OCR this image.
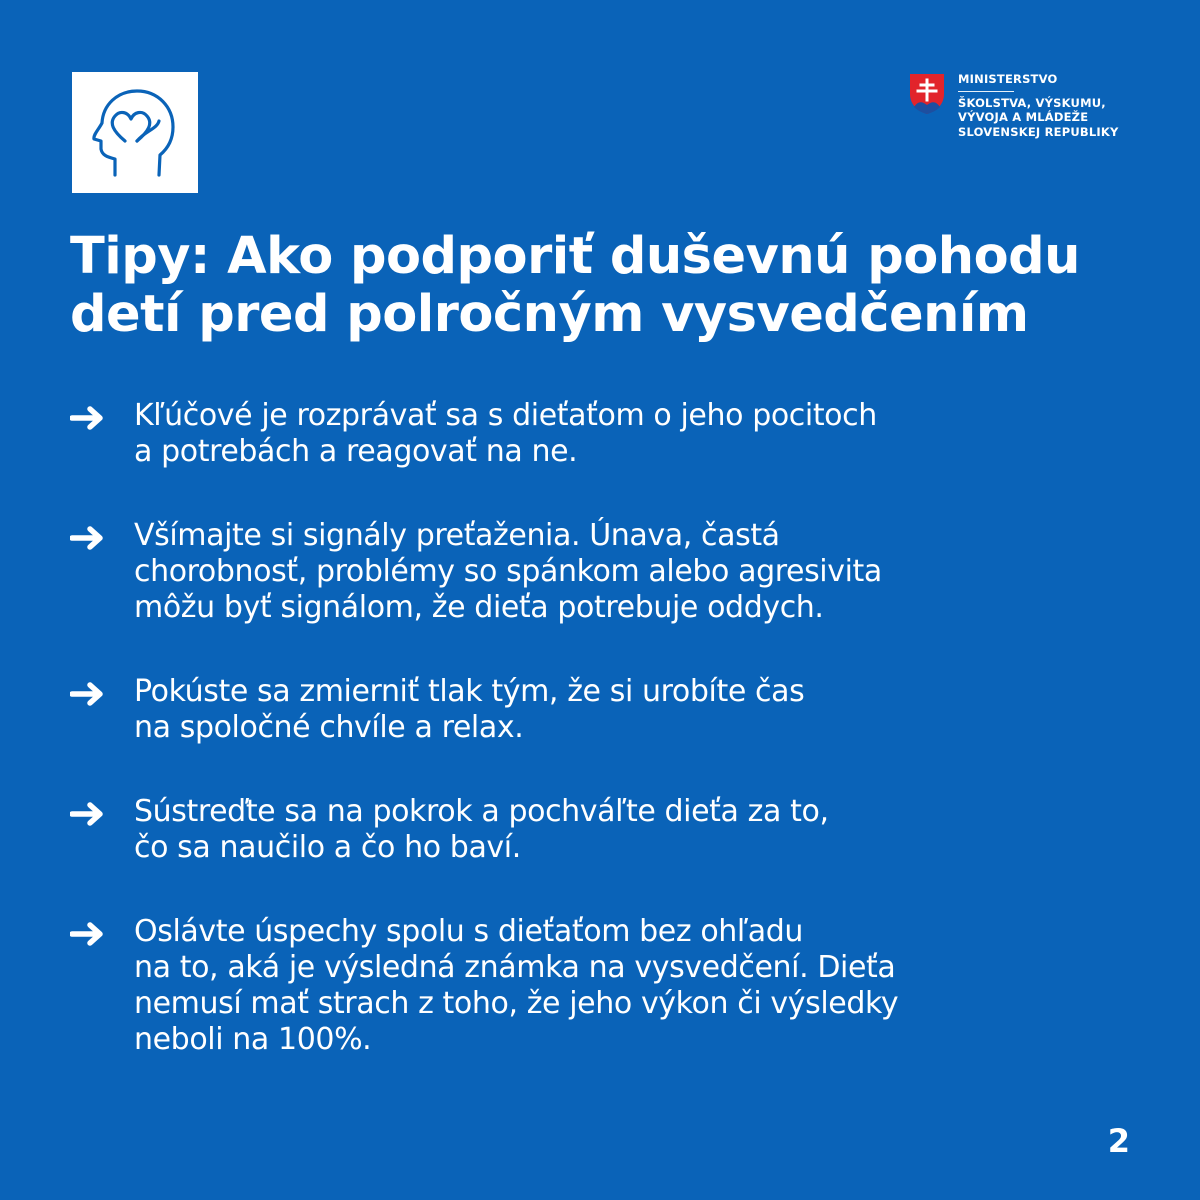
MINISTERSTVO
ŠKOLSTVA, VÝSKUMU,
VÝVOJA A MLÁDEŽE
SLOVENSKEJ REPUBLIKY
Tipy: Ako podporiť duševnú pohodu
detí pred polročným vysvedčením
Kľúčové je rozprávať sa s dieťaťom o jeho pocitoch
a potrebách a reagovať na ne.
Všímajte si signály preťaženia. Únava, častá
chorobnosť, problémy so spánkom alebo agresivita
môžu byť signálom, že dieťa potrebuje oddych.
Pokúste sa zmierniť tlak tým, že si urobíte čas
na spoločné chvíle a relax.
Sústreďte sa na pokrok a pochváľte dieťa za to,
čo sa naučilo a čo ho baví.
Oslávte úspechy spolu s dieťaťom bez ohľadu
na to, aká je výsledná známka na vysvedčení. Dieťa
nemusí mať strach z toho, že jeho výkon či výsledky
neboli na 100%.
2
